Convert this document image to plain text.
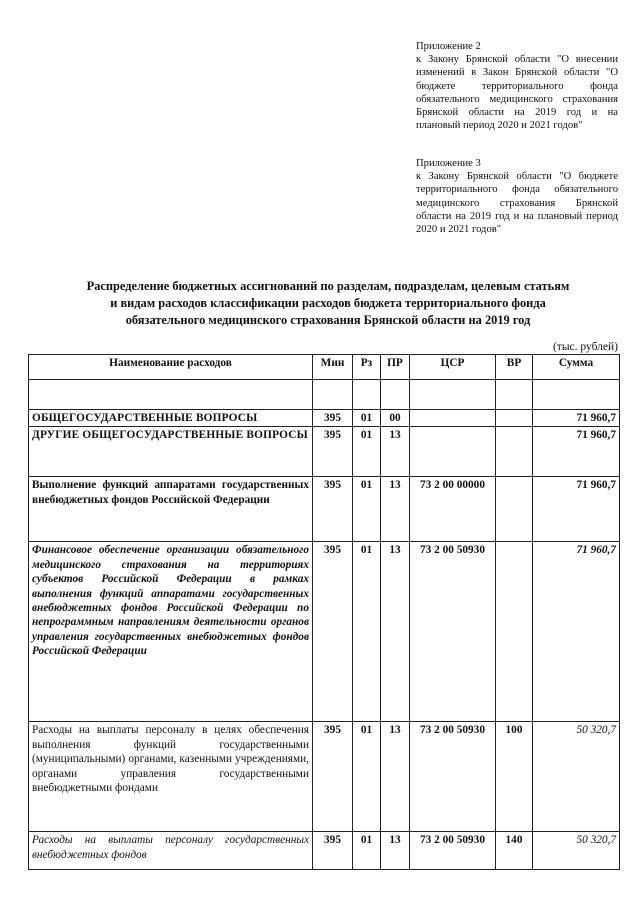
Приложение 2
к Закону Брянской области "О внесении изменений в Закон Брянской области "О бюджете территориального фонда обязательного медицинского страхования Брянской области на 2019 год и на плановый период 2020 и 2021 годов"
Приложение 3
к Закону Брянской области "О бюджете территориального фонда обязательного медицинского страхования Брянской области на 2019 год и на плановый период 2020 и 2021 годов"
Распределение бюджетных ассигнований по разделам, подразделам, целевым статьям
и видам расходов классификации расходов бюджета территориального фонда
обязательного медицинского страхования Брянской области на 2019 год
(тыс. рублей)
Наименование расходов	Мин	Рз	ПР	ЦСР	ВР	Сумма

ОБЩЕГОСУДАРСТВЕННЫЕ ВОПРОСЫ	395	01	00			71 960,7
ДРУГИЕ ОБЩЕГОСУДАРСТВЕННЫЕ ВОПРОСЫ	395	01	13			71 960,7
Выполнение функций аппаратами государственных внебюджетных фондов Российской Федерации	395	01	13	73 2 00 00000		71 960,7
Финансовое обеспечение организации обязательного медицинского страхования на территориях субъектов Российской Федерации в рамках выполнения функций аппаратами государственных внебюджетных фондов Российской Федерации по непрограммным направлениям деятельности органов управления государственных внебюджетных фондов Российской Федерации	395	01	13	73 2 00 50930		71 960,7
Расходы на выплаты персоналу в целях обеспечения выполнения функций государственными (муниципальными) органами, казенными учреждениями, органами управления государственными внебюджетными фондами	395	01	13	73 2 00 50930	100	50 320,7
Расходы на выплаты персоналу государственных внебюджетных фондов	395	01	13	73 2 00 50930	140	50 320,7
